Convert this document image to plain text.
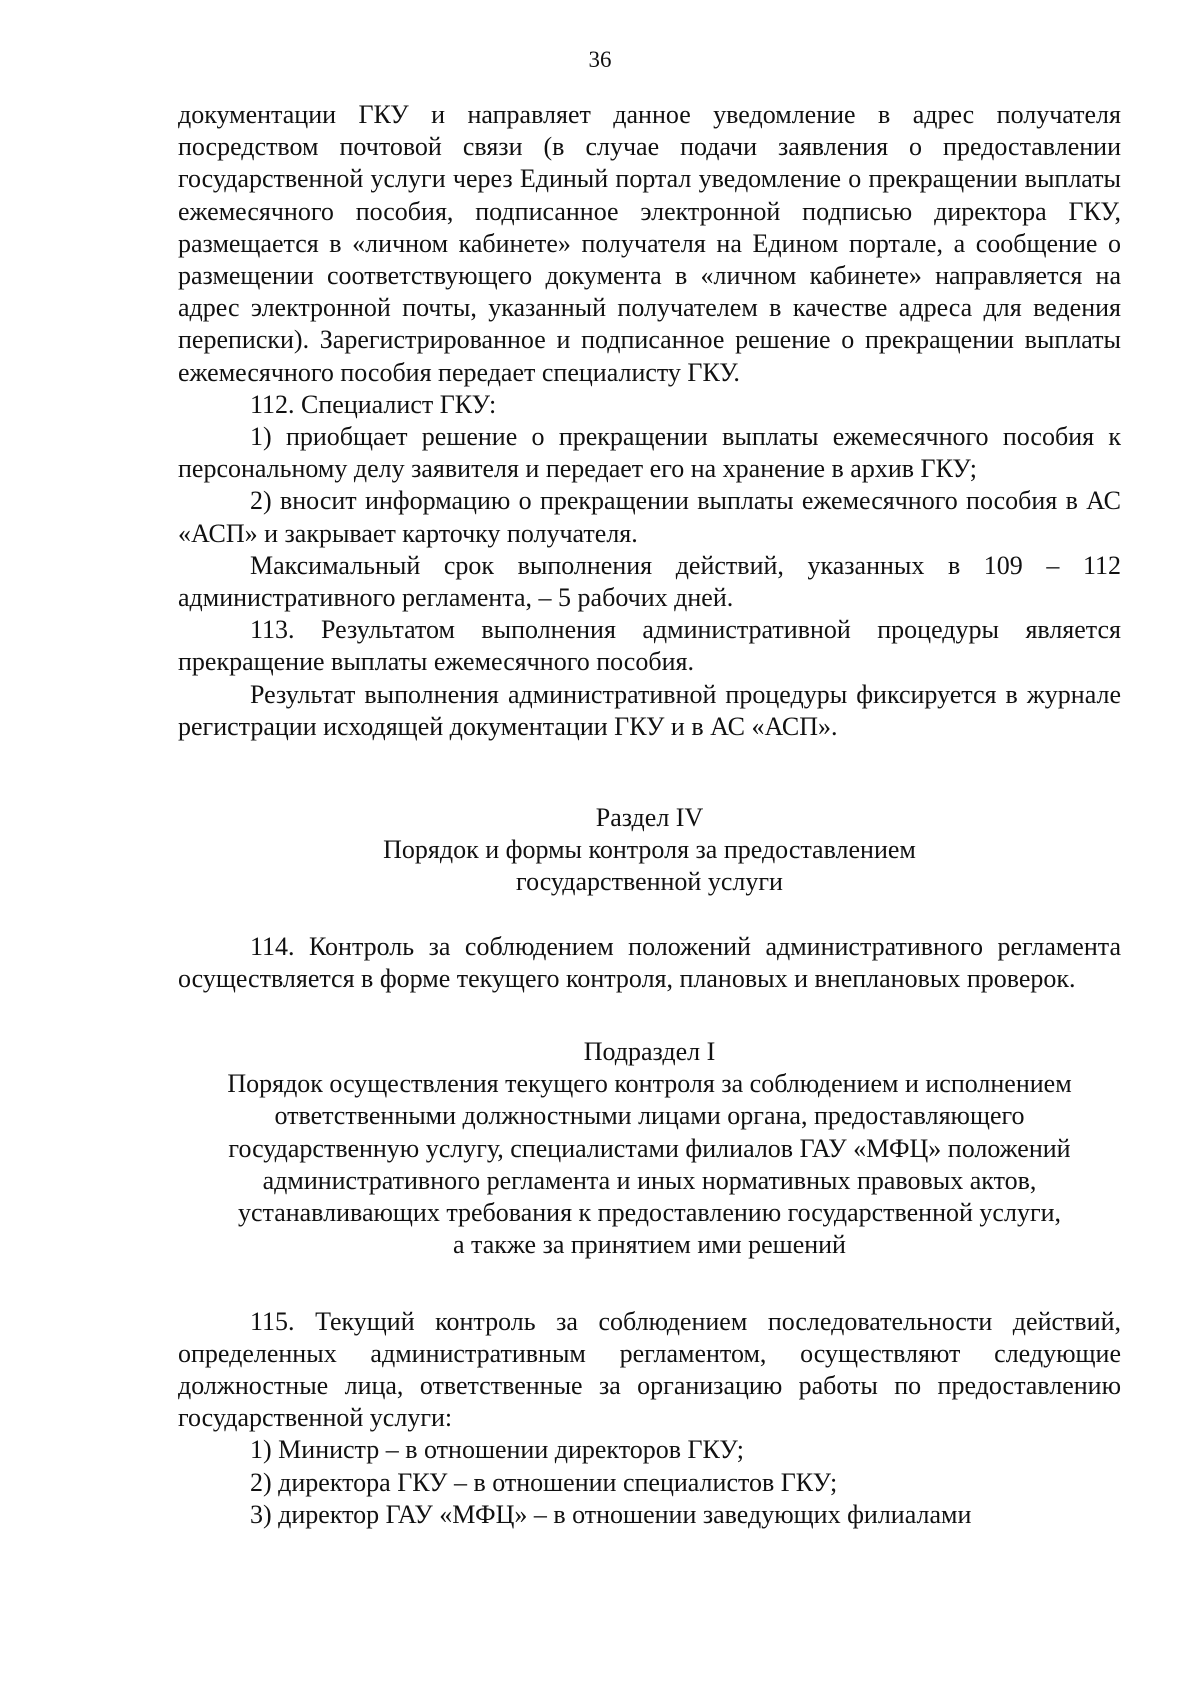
36

документации ГКУ и направляет данное уведомление в адрес получателя посредством почтовой связи (в случае подачи заявления о предоставлении государственной услуги через Единый портал уведомление о прекращении выплаты ежемесячного пособия, подписанное электронной подписью директора ГКУ, размещается в «личном кабинете» получателя на Едином портале, а сообщение о размещении соответствующего документа в «личном кабинете» направляется на адрес электронной почты, указанный получателем в качестве адреса для ведения переписки). Зарегистрированное и подписанное решение о прекращении выплаты ежемесячного пособия передает специалисту ГКУ.

112. Специалист ГКУ:

1) приобщает решение о прекращении выплаты ежемесячного пособия к персональному делу заявителя и передает его на хранение в архив ГКУ;

2) вносит информацию о прекращении выплаты ежемесячного пособия в АС «АСП» и закрывает карточку получателя.

Максимальный срок выполнения действий, указанных в 109 – 112 административного регламента, – 5 рабочих дней.

113. Результатом выполнения административной процедуры является прекращение выплаты ежемесячного пособия.

Результат выполнения административной процедуры фиксируется в журнале регистрации исходящей документации ГКУ и в АС «АСП».

Раздел IV

Порядок и формы контроля за предоставлением

государственной услуги

114. Контроль за соблюдением положений административного регламента осуществляется в форме текущего контроля, плановых и внеплановых проверок.

Подраздел I

Порядок осуществления текущего контроля за соблюдением и исполнением

ответственными должностными лицами органа, предоставляющего

государственную услугу, специалистами филиалов ГАУ «МФЦ» положений

административного регламента и иных нормативных правовых актов,

устанавливающих требования к предоставлению государственной услуги,

а также за принятием ими решений

115. Текущий контроль за соблюдением последовательности действий, определенных административным регламентом, осуществляют следующие должностные лица, ответственные за организацию работы по предоставлению государственной услуги:

1) Министр – в отношении директоров ГКУ;

2) директора ГКУ – в отношении специалистов ГКУ;

3) директор ГАУ «МФЦ» – в отношении заведующих филиалами
